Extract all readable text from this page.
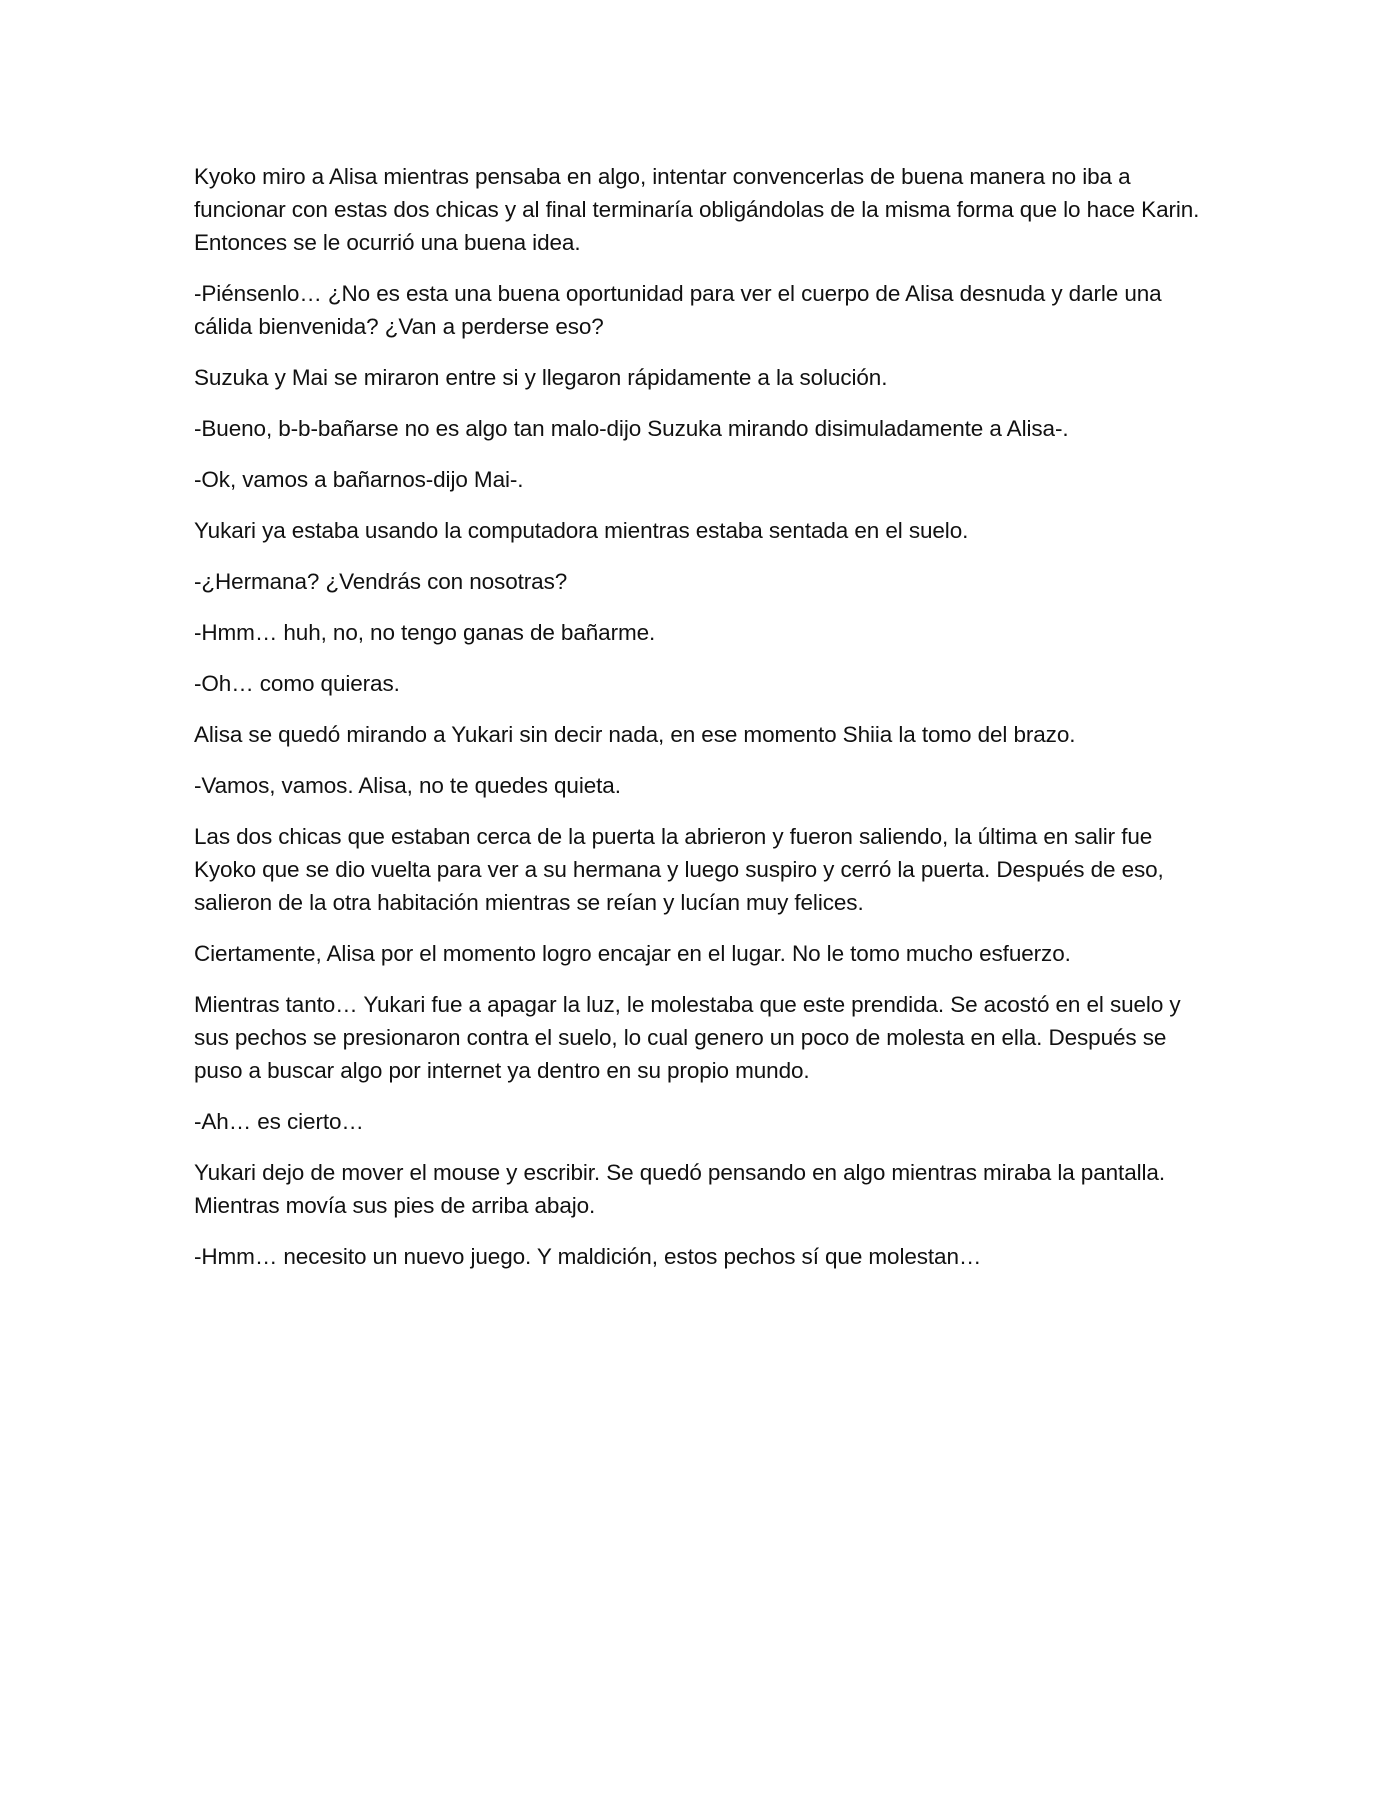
Kyoko miro a Alisa mientras pensaba en algo, intentar convencerlas de buena manera no iba a funcionar con estas dos chicas y al final terminaría obligándolas de la misma forma que lo hace Karin. Entonces se le ocurrió una buena idea.

-Piénsenlo… ¿No es esta una buena oportunidad para ver el cuerpo de Alisa desnuda y darle una cálida bienvenida? ¿Van a perderse eso?

Suzuka y Mai se miraron entre si y llegaron rápidamente a la solución.

-Bueno, b-b-bañarse no es algo tan malo-dijo Suzuka mirando disimuladamente a Alisa-.

-Ok, vamos a bañarnos-dijo Mai-.

Yukari ya estaba usando la computadora mientras estaba sentada en el suelo.

-¿Hermana? ¿Vendrás con nosotras?

-Hmm… huh, no, no tengo ganas de bañarme.

-Oh… como quieras.

Alisa se quedó mirando a Yukari sin decir nada, en ese momento Shiia la tomo del brazo.

-Vamos, vamos. Alisa, no te quedes quieta.

Las dos chicas que estaban cerca de la puerta la abrieron y fueron saliendo, la última en salir fue Kyoko que se dio vuelta para ver a su hermana y luego suspiro y cerró la puerta. Después de eso, salieron de la otra habitación mientras se reían y lucían muy felices.

Ciertamente, Alisa por el momento logro encajar en el lugar. No le tomo mucho esfuerzo.

Mientras tanto… Yukari fue a apagar la luz, le molestaba que este prendida. Se acostó en el suelo y sus pechos se presionaron contra el suelo, lo cual genero un poco de molesta en ella. Después se puso a buscar algo por internet ya dentro en su propio mundo.

-Ah… es cierto…

Yukari dejo de mover el mouse y escribir. Se quedó pensando en algo mientras miraba la pantalla. Mientras movía sus pies de arriba abajo.

-Hmm… necesito un nuevo juego. Y maldición, estos pechos sí que molestan…
